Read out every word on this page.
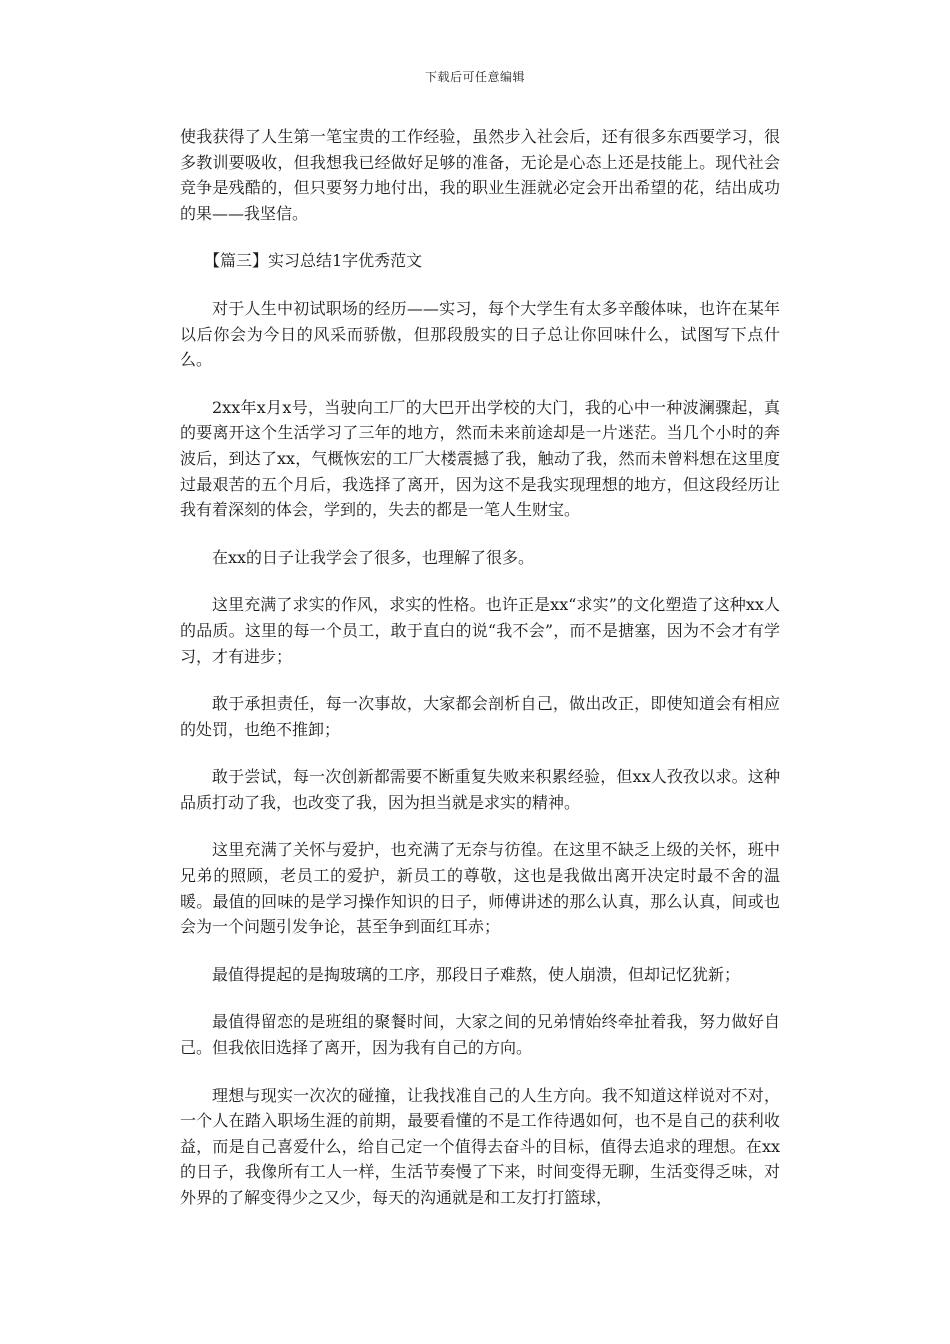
下载后可任意编辑

使我获得了人生第一笔宝贵的工作经验，虽然步入社会后，还有很多东西要学习，很多教训要吸收，但我想我已经做好足够的准备，无论是心态上还是技能上。现代社会竞争是残酷的，但只要努力地付出，我的职业生涯就必定会开出希望的花，结出成功的果——我坚信。

【篇三】实习总结1字优秀范文

对于人生中初试职场的经历——实习，每个大学生有太多辛酸体味，也许在某年以后你会为今日的风采而骄傲，但那段殷实的日子总让你回味什么，试图写下点什么。

2xx年x月x号，当驶向工厂的大巴开出学校的大门，我的心中一种波澜骤起，真的要离开这个生活学习了三年的地方，然而未来前途却是一片迷茫。当几个小时的奔波后，到达了xx，气概恢宏的工厂大楼震撼了我，触动了我，然而未曾料想在这里度过最艰苦的五个月后，我选择了离开，因为这不是我实现理想的地方，但这段经历让我有着深刻的体会，学到的，失去的都是一笔人生财宝。

在xx的日子让我学会了很多，也理解了很多。

这里充满了求实的作风，求实的性格。也许正是xx“求实”的文化塑造了这种xx人的品质。这里的每一个员工，敢于直白的说“我不会”，而不是搪塞，因为不会才有学习，才有进步；

敢于承担责任，每一次事故，大家都会剖析自己，做出改正，即使知道会有相应的处罚，也绝不推卸；

敢于尝试，每一次创新都需要不断重复失败来积累经验，但xx人孜孜以求。这种品质打动了我，也改变了我，因为担当就是求实的精神。

这里充满了关怀与爱护，也充满了无奈与彷徨。在这里不缺乏上级的关怀，班中兄弟的照顾，老员工的爱护，新员工的尊敬，这也是我做出离开决定时最不舍的温暖。最值的回味的是学习操作知识的日子，师傅讲述的那么认真，那么认真，间或也会为一个问题引发争论，甚至争到面红耳赤；

最值得提起的是掏玻璃的工序，那段日子难熬，使人崩溃，但却记忆犹新；

最值得留恋的是班组的聚餐时间，大家之间的兄弟情始终牵扯着我，努力做好自己。但我依旧选择了离开，因为我有自己的方向。

理想与现实一次次的碰撞，让我找准自己的人生方向。我不知道这样说对不对，一个人在踏入职场生涯的前期，最要看懂的不是工作待遇如何，也不是自己的获利收益，而是自己喜爱什么，给自己定一个值得去奋斗的目标，值得去追求的理想。在xx的日子，我像所有工人一样，生活节奏慢了下来，时间变得无聊，生活变得乏味，对外界的了解变得少之又少，每天的沟通就是和工友打打篮球，
